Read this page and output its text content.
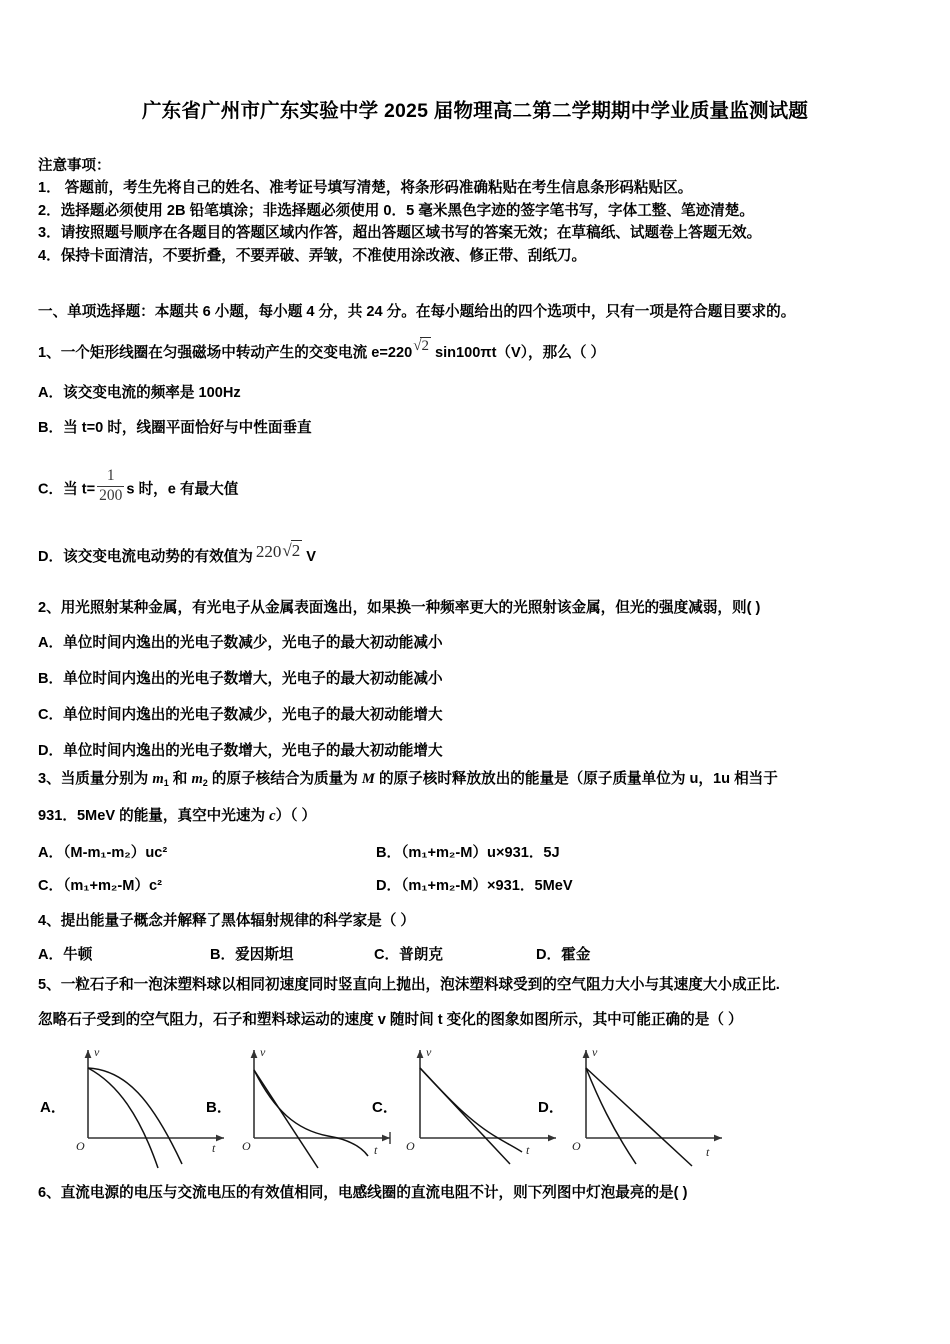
广东省广州市广东实验中学 2025 届物理高二第二学期期中学业质量监测试题
注意事项：
1． 答题前，考生先将自己的姓名、准考证号填写清楚，将条形码准确粘贴在考生信息条形码粘贴区。
2．选择题必须使用 2B 铅笔填涂；非选择题必须使用 0．5 毫米黑色字迹的签字笔书写，字体工整、笔迹清楚。
3．请按照题号顺序在各题目的答题区域内作答，超出答题区域书写的答案无效；在草稿纸、试题卷上答题无效。
4．保持卡面清洁，不要折叠，不要弄破、弄皱，不准使用涂改液、修正带、刮纸刀。
一、单项选择题：本题共 6 小题，每小题 4 分，共 24 分。在每小题给出的四个选项中，只有一项是符合题目要求的。
1、一个矩形线圈在匀强磁场中转动产生的交变电流 e=220√2 sin100πt（V），那么（ ）
A．该交变电流的频率是 100Hz
B．当 t=0 时，线圈平面恰好与中性面垂直
C．当 $t= \frac{1}{200}$ s 时，e 有最大值
D．该交变电流电动势的有效值为 220√2 V
2、用光照射某种金属，有光电子从金属表面逸出，如果换一种频率更大的光照射该金属，但光的强度减弱，则( )
A．单位时间内逸出的光电子数减少，光电子的最大初动能减小
B．单位时间内逸出的光电子数增大，光电子的最大初动能减小
C．单位时间内逸出的光电子数减少，光电子的最大初动能增大
D．单位时间内逸出的光电子数增大，光电子的最大初动能增大
3、当质量分别为 $m_1$ 和 $m_2$ 的原子核结合为质量为 M 的原子核时释放放出的能量是（原子质量单位为 u，1u 相当于
931．5MeV 的能量，真空中光速为 c）（ ）
A．（M-m₁-m₂）uc²	B．（m₁+m₂-M）u×931．5J
C．（m₁+m₂-M）c²	D．（m₁+m₂-M）×931．5MeV
4、提出能量子概念并解释了黑体辐射规律的科学家是（ ）
A．牛顿	B．爱因斯坦	C．普朗克	D．霍金
5、一粒石子和一泡沫塑料球以相同初速度同时竖直向上抛出，泡沫塑料球受到的空气阻力大小与其速度大小成正比.
忽略石子受到的空气阻力，石子和塑料球运动的速度 v 随时间 t 变化的图象如图所示，其中可能正确的是（ ）
A．
v
t
O
B．
v
t
O
C．
v
t
O
D．
v
t
O
6、直流电源的电压与交流电压的有效值相同，电感线圈的直流电阻不计，则下列图中灯泡最亮的是( )
